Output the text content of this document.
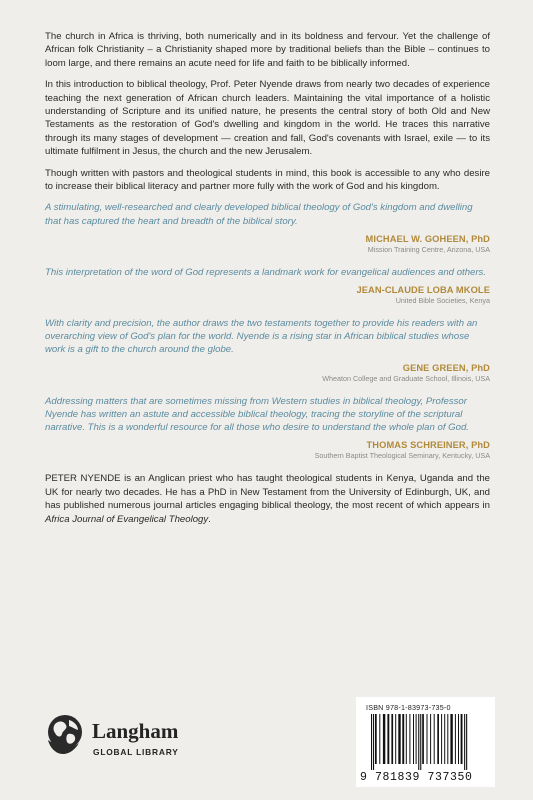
The church in Africa is thriving, both numerically and in its boldness and fervour. Yet the challenge of African folk Christianity – a Christianity shaped more by traditional beliefs than the Bible – continues to loom large, and there remains an acute need for life and faith to be biblically informed.

In this introduction to biblical theology, Prof. Peter Nyende draws from nearly two decades of experience teaching the next generation of African church leaders. Maintaining the vital importance of a holistic understanding of Scripture and its unified nature, he presents the central story of both Old and New Testaments as the restoration of God's dwelling and kingdom in the world. He traces this narrative through its many stages of development — creation and fall, God's covenants with Israel, exile — to its ultimate fulfilment in Jesus, the church and the new Jerusalem.

Though written with pastors and theological students in mind, this book is accessible to any who desire to increase their biblical literacy and partner more fully with the work of God and his kingdom.

A stimulating, well-researched and clearly developed biblical theology of God's kingdom and dwelling that has captured the heart and breadth of the biblical story.
MICHAEL W. GOHEEN, PhD
Mission Training Centre, Arizona, USA
This interpretation of the word of God represents a landmark work for evangelical audiences and others.
JEAN-CLAUDE LOBA MKOLE
United Bible Societies, Kenya
With clarity and precision, the author draws the two testaments together to provide his readers with an overarching view of God's plan for the world. Nyende is a rising star in African biblical studies whose work is a gift to the church around the globe.
GENE GREEN, PhD
Wheaton College and Graduate School, Illinois, USA
Addressing matters that are sometimes missing from Western studies in biblical theology, Professor Nyende has written an astute and accessible biblical theology, tracing the storyline of the scriptural narrative. This is a wonderful resource for all those who desire to understand the whole plan of God.
THOMAS SCHREINER, PhD
Southern Baptist Theological Seminary, Kentucky, USA

PETER NYENDE is an Anglican priest who has taught theological students in Kenya, Uganda and the UK for nearly two decades. He has a PhD in New Testament from the University of Edinburgh, UK, and has published numerous journal articles engaging biblical theology, the most recent of which appears in Africa Journal of Evangelical Theology.

Langham
GLOBAL LIBRARY
ISBN 978-1-83973-735-0
9 781839 737350
